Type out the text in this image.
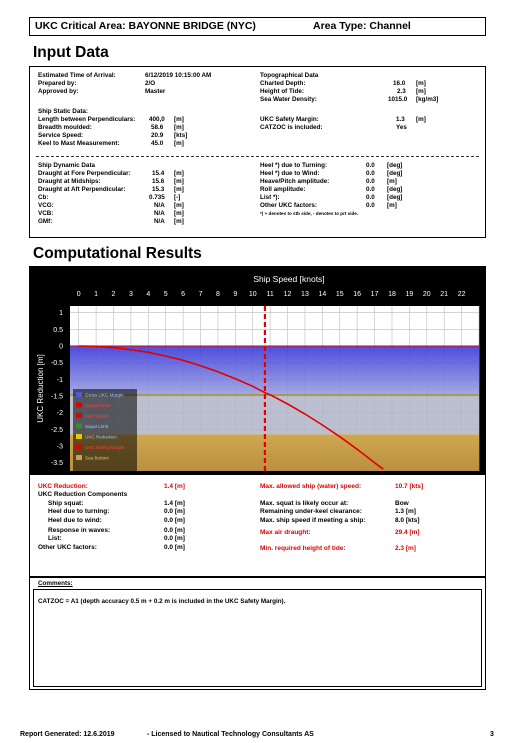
UKC Critical Area: BAYONNE BRIDGE (NYC)	Area Type: Channel
Input Data
Estimated Time of Arrival:	6/12/2019 10:15:00 AM
Prepared by:	2/O
Approved by:	Master
Ship Static Data:
Length between Perpendiculars: 400,0 [m]
Breadth moulded:	58.6 [m]
Service Speed:	20.9 [kts]
Keel to Mast Measurement:	45.0 [m]
Topographical Data
Charted Depth:	16.0 [m]
Height of Tide:	2.3 [m]
Sea Water Density:	1015.0 [kg/m3]
UKC Safety Margin:	1.3 [m]
CATZOC is included:	Yes
Ship Dynamic Data
Draught at Fore Perpendicular:	15.4 [m]
Draught at Midships:	15.6 [m]
Draught at Aft Perpendicular:	15.3 [m]
Cb:	0.735 [-]
VCG:	N/A [m]
VCB:	N/A [m]
GMf:	N/A [m]
Heel *) due to Turning:	0.0 [deg]
Heel *) due to Wind:	0.0 [deg]
Heave/Pitch amplitude:	0.0 [m]
Roll amplitude:	0.0 [deg]
List *):	0.0 [deg]
Other UKC factors:	0.0 [m]
*) + denotes to stb side, - denotes to prt side.
Computational Results
Ship Speed [knots]
0 1 2 3 4 5 6 7 8 9 10 11 12 13 14 15 16 17 18 19 20 21 22
1
0.5
0
-0.5
-1
-1.5
-2
-2.5
-3
-3.5
UKC Reduction [m]	Gross UKC Margin
Squat Curve
Max Speed
Squat Limit
UKC Reduction
UKC Safety Margin
Sea Bottom
UKC Reduction:	1.4 [m]
UKC Reduction Components
Ship squat:	1.4 [m]
Heel due to turning:	0.0 [m]
Heel due to wind:	0.0 [m]
Response in waves:	0.0 [m]
List:	0.0 [m]
Other UKC factors:	0.0 [m]
Max. allowed ship (water) speed:	10.7 [kts]
Max. squat is likely occur at:	Bow
Remaining under-keel clearance:	1.3 [m]
Max. ship speed if meeting a ship:	8.0 [kts]
Max air draught:	29.4 [m]
Min. required height of tide:	2.3 [m]
Comments:
CATZOC = A1 (depth accuracy 0.5 m + 0.2 m is included in the UKC Safety Margin).
Report Generated: 12.6.2019	- Licensed to Nautical Technology Consultants AS	3
